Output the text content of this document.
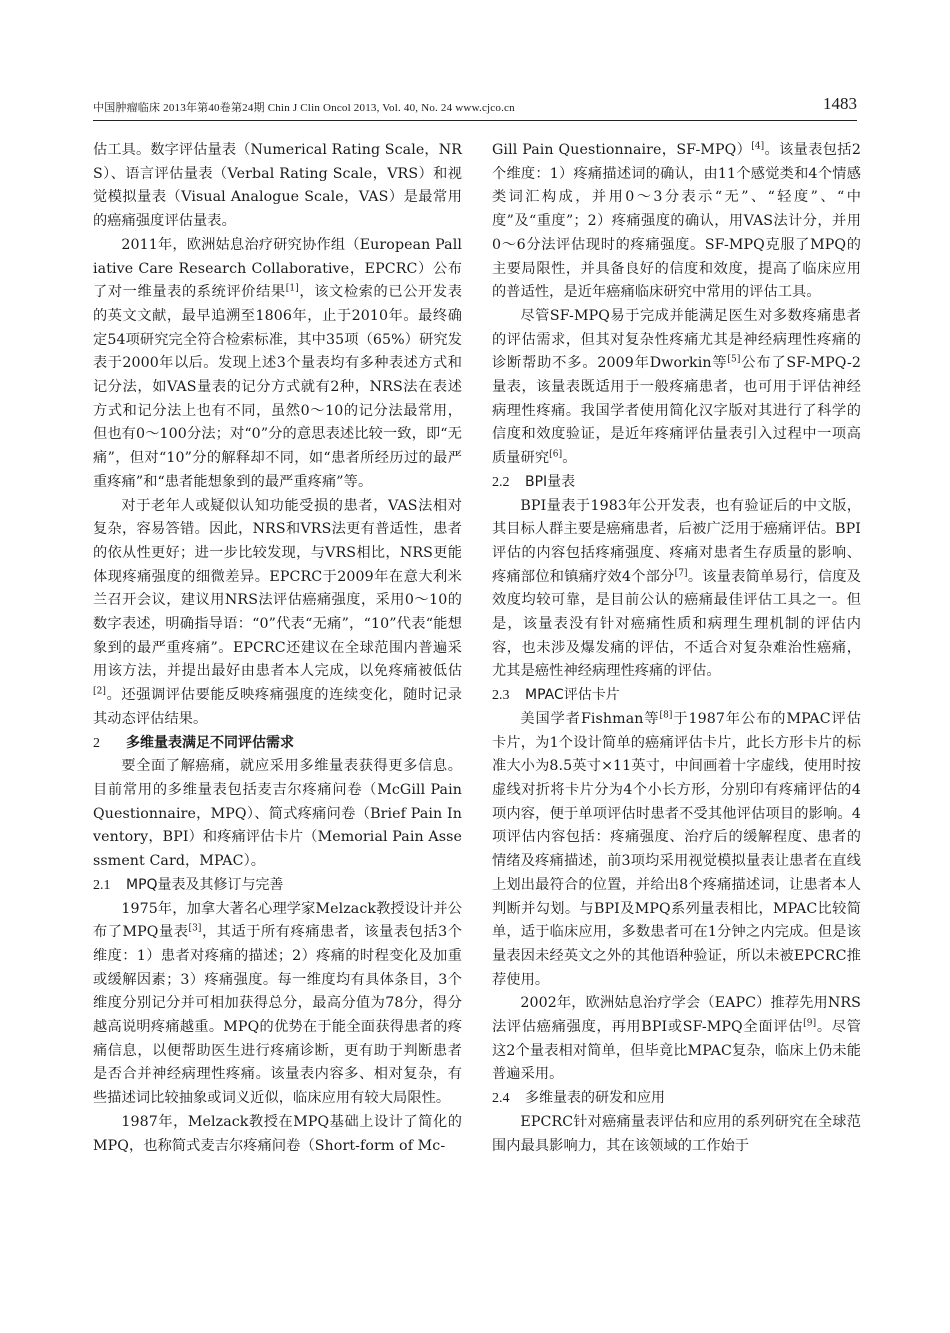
中国肿瘤临床 2013年第40卷第24期 Chin J Clin Oncol 2013, Vol. 40, No. 24 www.cjco.cn	1483

估工具。数字评估量表（Numerical Rating Scale，NRS）、语言评估量表（Verbal Rating Scale，VRS）和视觉模拟量表（Visual Analogue Scale，VAS）是最常用的癌痛强度评估量表。

2011年，欧洲姑息治疗研究协作组（European Palliative Care Research Collaborative，EPCRC）公布了对一维量表的系统评价结果[1]，该文检索的已公开发表的英文文献，最早追溯至1806年，止于2010年。最终确定54项研究完全符合检索标准，其中35项（65%）研究发表于2000年以后。发现上述3个量表均有多种表述方式和记分法，如VAS量表的记分方式就有2种，NRS法在表述方式和记分法上也有不同，虽然0～10的记分法最常用，但也有0～100分法；对“0”分的意思表述比较一致，即“无痛”，但对“10”分的解释却不同，如“患者所经历过的最严重疼痛”和“患者能想象到的最严重疼痛”等。

对于老年人或疑似认知功能受损的患者，VAS法相对复杂，容易答错。因此，NRS和VRS法更有普适性，患者的依从性更好；进一步比较发现，与VRS相比，NRS更能体现疼痛强度的细微差异。EPCRC于2009年在意大利米兰召开会议，建议用NRS法评估癌痛强度，采用0～10的数字表述，明确指导语：“0”代表“无痛”，“10”代表“能想象到的最严重疼痛”。EPCRC还建议在全球范围内普遍采用该方法，并提出最好由患者本人完成，以免疼痛被低估[2]。还强调评估要能反映疼痛强度的连续变化，随时记录其动态评估结果。

2 多维量表满足不同评估需求

要全面了解癌痛，就应采用多维量表获得更多信息。目前常用的多维量表包括麦吉尔疼痛问卷（McGill Pain Questionnaire，MPQ）、简式疼痛问卷（Brief Pain Inventory，BPI）和疼痛评估卡片（Memorial Pain Assessment Card，MPAC）。

2.1 MPQ量表及其修订与完善

1975年，加拿大著名心理学家Melzack教授设计并公布了MPQ量表[3]，其适于所有疼痛患者，该量表包括3个维度：1）患者对疼痛的描述；2）疼痛的时程变化及加重或缓解因素；3）疼痛强度。每一维度均有具体条目，3个维度分别记分并可相加获得总分，最高分值为78分，得分越高说明疼痛越重。MPQ的优势在于能全面获得患者的疼痛信息，以便帮助医生进行疼痛诊断，更有助于判断患者是否合并神经病理性疼痛。该量表内容多、相对复杂，有些描述词比较抽象或词义近似，临床应用有较大局限性。

1987年，Melzack教授在MPQ基础上设计了简化的MPQ，也称简式麦吉尔疼痛问卷（Short-form of Mc-

Gill Pain Questionnaire，SF-MPQ）[4]。该量表包括2个维度：1）疼痛描述词的确认，由11个感觉类和4个情感类词汇构成，并用0～3分表示“无”、“轻度”、“中度”及“重度”；2）疼痛强度的确认，用VAS法计分，并用0～6分法评估现时的疼痛强度。SF-MPQ克服了MPQ的主要局限性，并具备良好的信度和效度，提高了临床应用的普适性，是近年癌痛临床研究中常用的评估工具。

尽管SF-MPQ易于完成并能满足医生对多数疼痛患者的评估需求，但其对复杂性疼痛尤其是神经病理性疼痛的诊断帮助不多。2009年Dworkin等[5]公布了SF-MPQ-2量表，该量表既适用于一般疼痛患者，也可用于评估神经病理性疼痛。我国学者使用简化汉字版对其进行了科学的信度和效度验证，是近年疼痛评估量表引入过程中一项高质量研究[6]。

2.2 BPI量表

BPI量表于1983年公开发表，也有验证后的中文版，其目标人群主要是癌痛患者，后被广泛用于癌痛评估。BPI评估的内容包括疼痛强度、疼痛对患者生存质量的影响、疼痛部位和镇痛疗效4个部分[7]。该量表简单易行，信度及效度均较可靠，是目前公认的癌痛最佳评估工具之一。但是，该量表没有针对癌痛性质和病理生理机制的评估内容，也未涉及爆发痛的评估，不适合对复杂难治性癌痛，尤其是癌性神经病理性疼痛的评估。

2.3 MPAC评估卡片

美国学者Fishman等[8]于1987年公布的MPAC评估卡片，为1个设计简单的癌痛评估卡片，此长方形卡片的标准大小为8.5英寸×11英寸，中间画着十字虚线，使用时按虚线对折将卡片分为4个小长方形，分别印有疼痛评估的4项内容，便于单项评估时患者不受其他评估项目的影响。4项评估内容包括：疼痛强度、治疗后的缓解程度、患者的情绪及疼痛描述，前3项均采用视觉模拟量表让患者在直线上划出最符合的位置，并给出8个疼痛描述词，让患者本人判断并勾划。与BPI及MPQ系列量表相比，MPAC比较简单，适于临床应用，多数患者可在1分钟之内完成。但是该量表因未经英文之外的其他语种验证，所以未被EPCRC推荐使用。

2002年，欧洲姑息治疗学会（EAPC）推荐先用NRS法评估癌痛强度，再用BPI或SF-MPQ全面评估[9]。尽管这2个量表相对简单，但毕竟比MPAC复杂，临床上仍未能普遍采用。

2.4 多维量表的研发和应用

EPCRC针对癌痛量表评估和应用的系列研究在全球范围内最具影响力，其在该领域的工作始于
